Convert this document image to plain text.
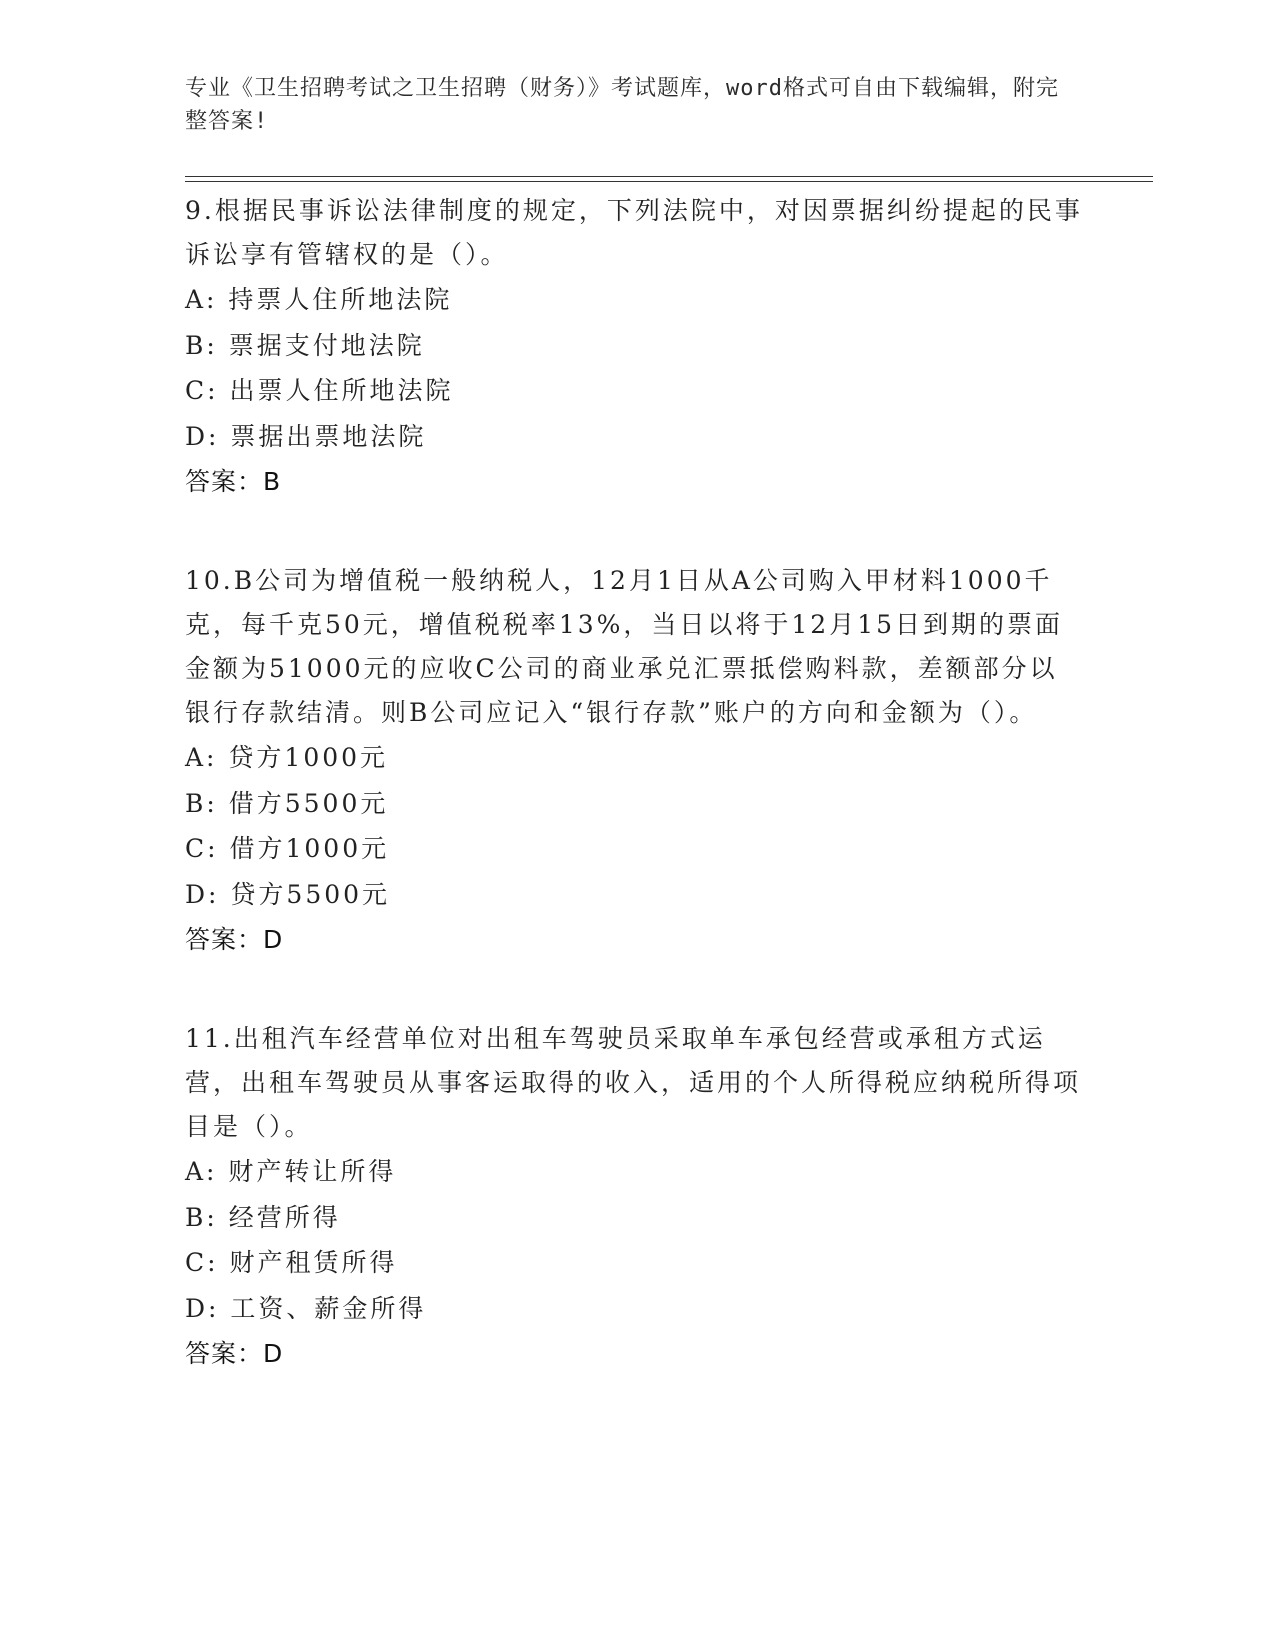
专业《卫生招聘考试之卫生招聘（财务）》考试题库，word格式可自由下载编辑，附完整答案!
9.根据民事诉讼法律制度的规定，下列法院中，对因票据纠纷提起的民事诉讼享有管辖权的是（）。
A: 持票人住所地法院
B: 票据支付地法院
C: 出票人住所地法院
D: 票据出票地法院
答案：B
10.B公司为增值税一般纳税人，12月1日从A公司购入甲材料1000千克，每千克50元，增值税税率13%，当日以将于12月15日到期的票面金额为51000元的应收C公司的商业承兑汇票抵偿购料款，差额部分以银行存款结清。则B公司应记入“银行存款”账户的方向和金额为（）。
A: 贷方1000元
B: 借方5500元
C: 借方1000元
D: 贷方5500元
答案：D
11.出租汽车经营单位对出租车驾驶员采取单车承包经营或承租方式运营，出租车驾驶员从事客运取得的收入，适用的个人所得税应纳税所得项目是（）。
A: 财产转让所得
B: 经营所得
C: 财产租赁所得
D: 工资、薪金所得
答案：D
